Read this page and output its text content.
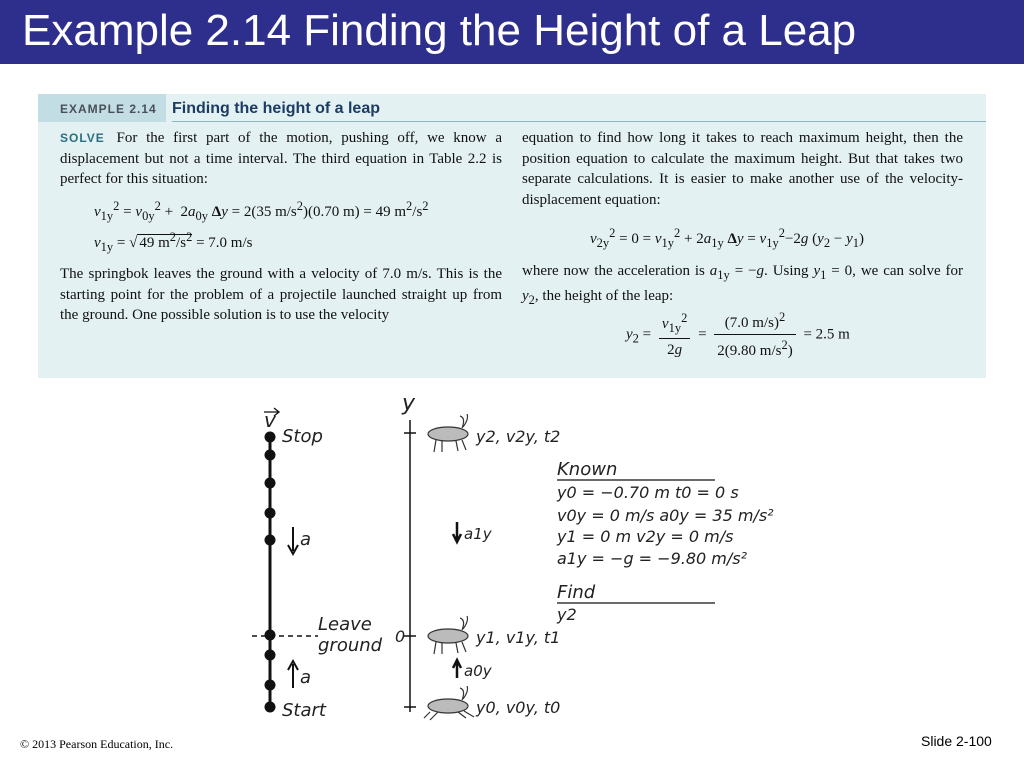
Example 2.14 Finding the Height of a Leap
EXAMPLE 2.14 Finding the height of a leap
SOLVE For the first part of the motion, pushing off, we know a displacement but not a time interval. The third equation in Table 2.2 is perfect for this situation:
$v_{1y}^2 = v_{0y}^2 + 2a_{0y}$ Δy = 2(35 $m/s^2)(0.70$ m) = 49 $m^2/s^2$
$v_{1y}$ = √ 49 $m^2/s^2 = 7.0$ m/s
The springbok leaves the ground with a velocity of 7.0 m/s. This is the starting point for the problem of a projectile launched straight up from the ground. One possible solution is to use the velocity
equation to find how long it takes to reach maximum height, then the position equation to calculate the maximum height. But that takes two separate calculations. It is easier to make another use of the velocity-displacement equation:
$v_{2y}^2 = 0 = v_{1y}^2 + 2a_{1y}$ $\Delta y = v_{1y}^2-2g$ $(y_2 - y_1)$
where now the acceleration is $a_{1y} = -g$. Using $y_1 = 0$, we can solve for $y_2$, the height of the leap:
$y_2 = \frac{v_{1y}^2}{2g} = \frac{(7.0 m/s)^2}{2(9.80 m/s^2)} = 2.5$ m
v
Stop
a
a
Leave
ground
Start
y
0
y2, v2y, t2
y1, v1y, t1
y0, v0y, t0
a1y
a0y
Known
y0 = −0.70 m t0 = 0 s
v0y = 0 m/s a0y = 35 m/s²
y1 = 0 m v2y = 0 m/s
a1y = −g = −9.80 m/s²
Find
y2
© 2013 Pearson Education, Inc.	Slide 2-100
